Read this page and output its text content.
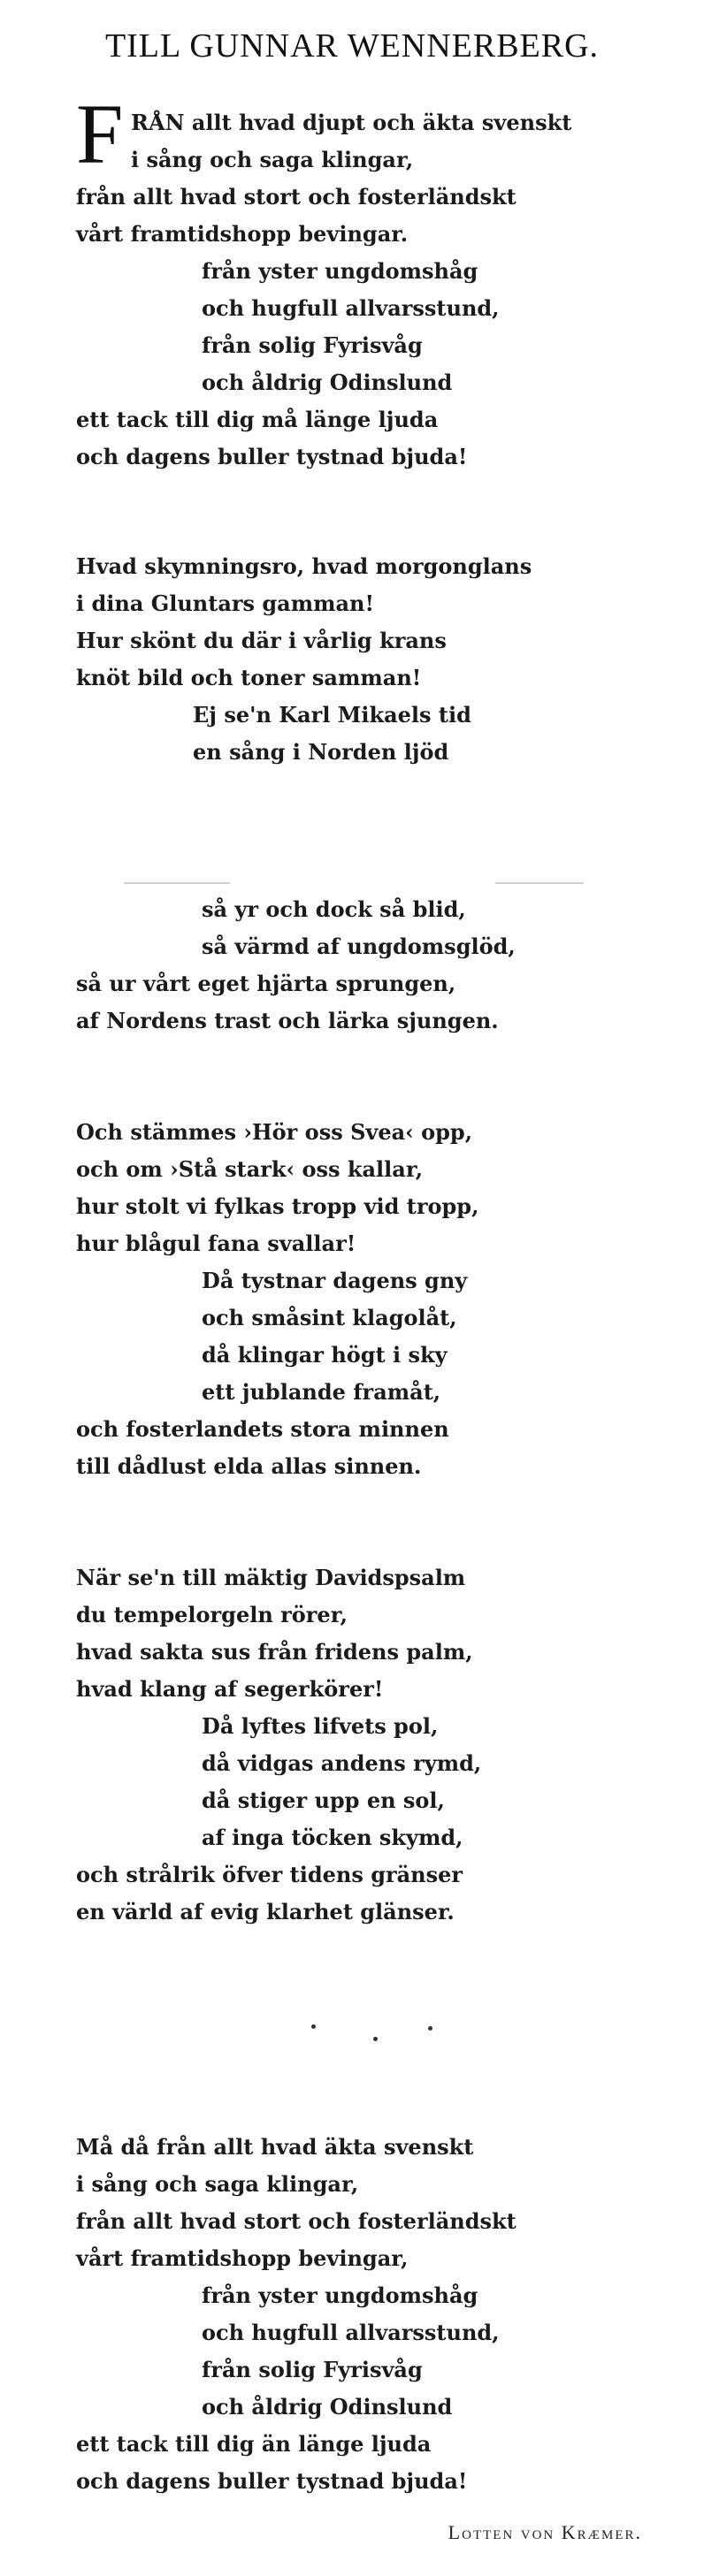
TILL GUNNAR WENNERBERG.
F RÅN allt hvad djupt och äkta svenskt
i sång och saga klingar,
från allt hvad stort och fosterländskt
vårt framtidshopp bevingar.
från yster ungdomshåg
och hugfull allvarsstund,
från solig Fyrisvåg
och åldrig Odinslund
ett tack till dig må länge ljuda
och dagens buller tystnad bjuda!
Hvad skymningsro, hvad morgonglans
i dina Gluntars gamman!
Hur skönt du där i vårlig krans
knöt bild och toner samman!
Ej se'n Karl Mikaels tid
en sång i Norden ljöd
så yr och dock så blid,
så värmd af ungdomsglöd,
så ur vårt eget hjärta sprungen,
af Nordens trast och lärka sjungen.
Och stämmes ›Hör oss Svea‹ opp,
och om ›Stå stark‹ oss kallar,
hur stolt vi fylkas tropp vid tropp,
hur blågul fana svallar!
Då tystnar dagens gny
och småsint klagolåt,
då klingar högt i sky
ett jublande framåt,
och fosterlandets stora minnen
till dådlust elda allas sinnen.
När se'n till mäktig Davidspsalm
du tempelorgeln rörer,
hvad sakta sus från fridens palm,
hvad klang af segerkörer!
Då lyftes lifvets pol,
då vidgas andens rymd,
då stiger upp en sol,
af inga töcken skymd,
och strålrik öfver tidens gränser
en värld af evig klarhet glänser.
Må då från allt hvad äkta svenskt
i sång och saga klingar,
från allt hvad stort och fosterländskt
vårt framtidshopp bevingar,
från yster ungdomshåg
och hugfull allvarsstund,
från solig Fyrisvåg
och åldrig Odinslund
ett tack till dig än länge ljuda
och dagens buller tystnad bjuda!
Lotten von Kræmer.
